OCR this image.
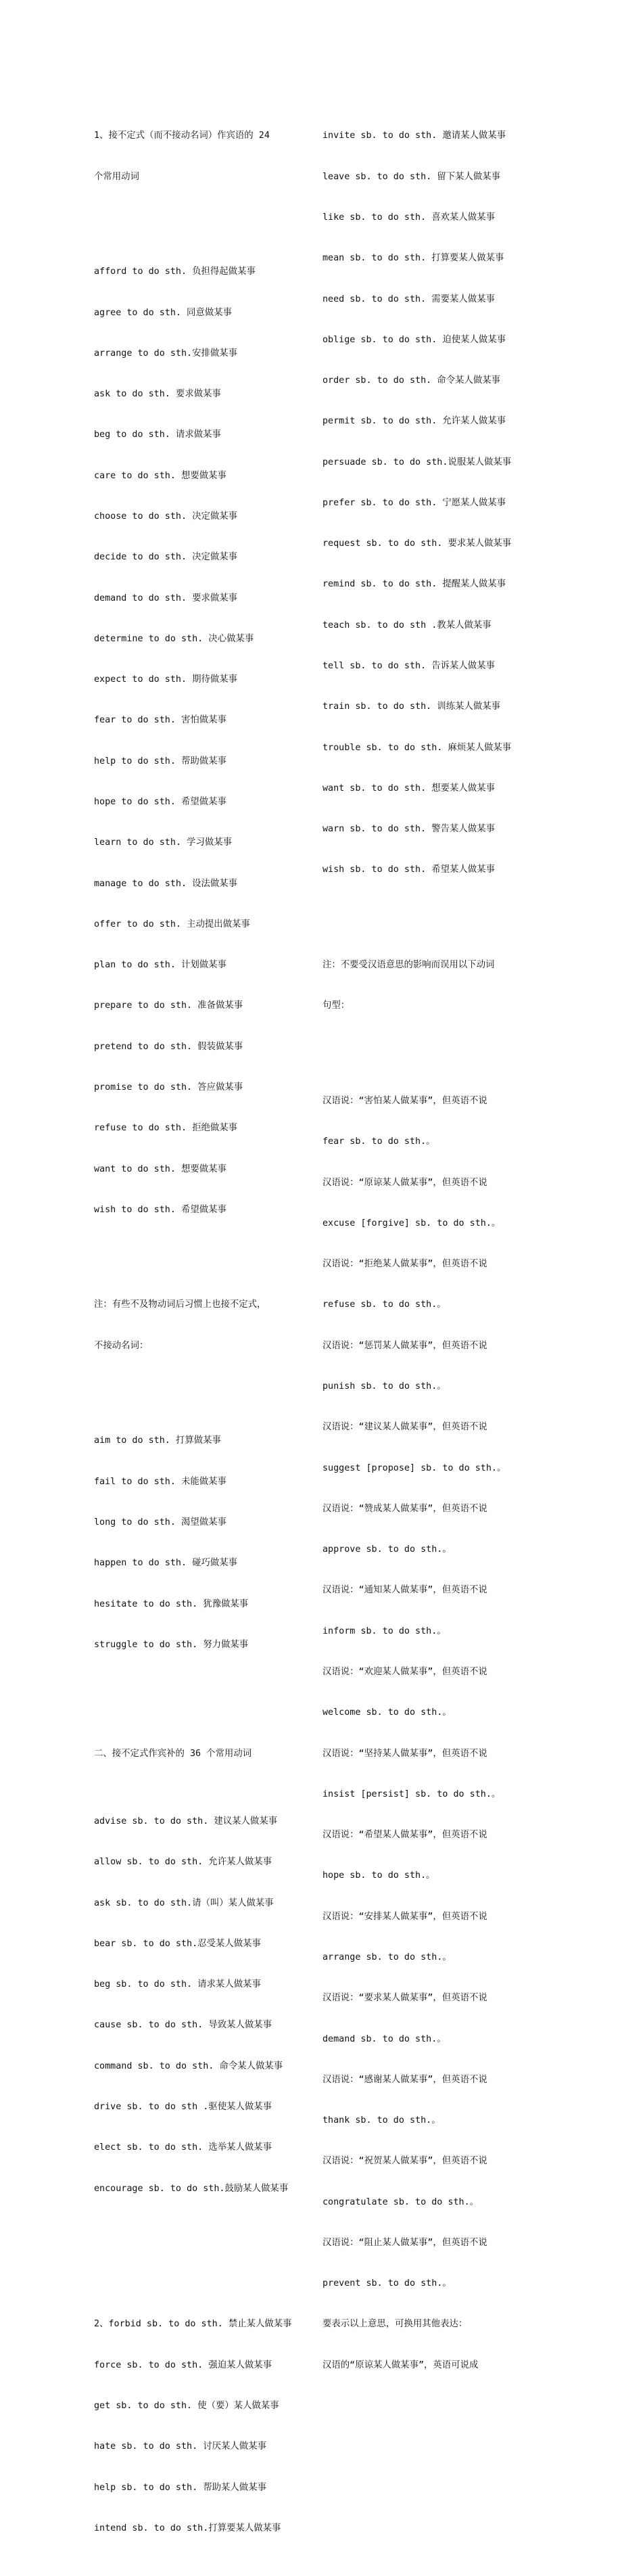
1、接不定式（而不接动名词）作宾语的 24

个常用动词

afford to do sth. 负担得起做某事

agree to do sth. 同意做某事

arrange to do sth.安排做某事

ask to do sth. 要求做某事

beg to do sth. 请求做某事

care to do sth. 想要做某事

choose to do sth. 决定做某事

decide to do sth. 决定做某事

demand to do sth. 要求做某事

determine to do sth. 决心做某事

expect to do sth. 期待做某事

fear to do sth. 害怕做某事

help to do sth. 帮助做某事

hope to do sth. 希望做某事

learn to do sth. 学习做某事

manage to do sth. 设法做某事

offer to do sth. 主动提出做某事

plan to do sth. 计划做某事

prepare to do sth. 准备做某事

pretend to do sth. 假装做某事

promise to do sth. 答应做某事

refuse to do sth. 拒绝做某事

want to do sth. 想要做某事

wish to do sth. 希望做某事

注：有些不及物动词后习惯上也接不定式，

不接动名词：

aim to do sth. 打算做某事

fail to do sth. 未能做某事

long to do sth. 渴望做某事

happen to do sth. 碰巧做某事

hesitate to do sth. 犹豫做某事

struggle to do sth. 努力做某事

二、接不定式作宾补的 36 个常用动词

advise sb. to do sth. 建议某人做某事

allow sb. to do sth. 允许某人做某事

ask sb. to do sth.请（叫）某人做某事

bear sb. to do sth.忍受某人做某事

beg sb. to do sth. 请求某人做某事

cause sb. to do sth. 导致某人做某事

command sb. to do sth. 命令某人做某事

drive sb. to do sth .驱使某人做某事

elect sb. to do sth. 选举某人做某事

encourage sb. to do sth.鼓励某人做某事

2、forbid sb. to do sth. 禁止某人做某事

force sb. to do sth. 强迫某人做某事

get sb. to do sth. 使（要）某人做某事

hate sb. to do sth. 讨厌某人做某事

help sb. to do sth. 帮助某人做某事

intend sb. to do sth.打算要某人做某事

invite sb. to do sth. 邀请某人做某事

leave sb. to do sth. 留下某人做某事

like sb. to do sth. 喜欢某人做某事

mean sb. to do sth. 打算要某人做某事

need sb. to do sth. 需要某人做某事

oblige sb. to do sth. 迫使某人做某事

order sb. to do sth. 命令某人做某事

permit sb. to do sth. 允许某人做某事

persuade sb. to do sth.说服某人做某事

prefer sb. to do sth. 宁愿某人做某事

request sb. to do sth. 要求某人做某事

remind sb. to do sth. 提醒某人做某事

teach sb. to do sth .教某人做某事

tell sb. to do sth. 告诉某人做某事

train sb. to do sth. 训练某人做某事

trouble sb. to do sth. 麻烦某人做某事

want sb. to do sth. 想要某人做某事

warn sb. to do sth. 警告某人做某事

wish sb. to do sth. 希望某人做某事

注：不要受汉语意思的影响而误用以下动词

句型：

汉语说：“害怕某人做某事”，但英语不说

fear sb. to do sth.。

汉语说：“原谅某人做某事”，但英语不说

excuse [forgive] sb. to do sth.。

汉语说：“拒绝某人做某事”，但英语不说

refuse sb. to do sth.。

汉语说：“惩罚某人做某事”，但英语不说

punish sb. to do sth.。

汉语说：“建议某人做某事”，但英语不说

suggest [propose] sb. to do sth.。

汉语说：“赞成某人做某事”，但英语不说

approve sb. to do sth.。

汉语说：“通知某人做某事”，但英语不说

inform sb. to do sth.。

汉语说：“欢迎某人做某事”，但英语不说

welcome sb. to do sth.。

汉语说：“坚持某人做某事”，但英语不说

insist [persist] sb. to do sth.。

汉语说：“希望某人做某事”，但英语不说

hope sb. to do sth.。

汉语说：“安排某人做某事”，但英语不说

arrange sb. to do sth.。

汉语说：“要求某人做某事”，但英语不说

demand sb. to do sth.。

汉语说：“感谢某人做某事”，但英语不说

thank sb. to do sth.。

汉语说：“祝贺某人做某事”，但英语不说

congratulate sb. to do sth.。

汉语说：“阻止某人做某事”，但英语不说

prevent sb. to do sth.。

要表示以上意思，可换用其他表达：

汉语的“原谅某人做某事”，英语可说成
